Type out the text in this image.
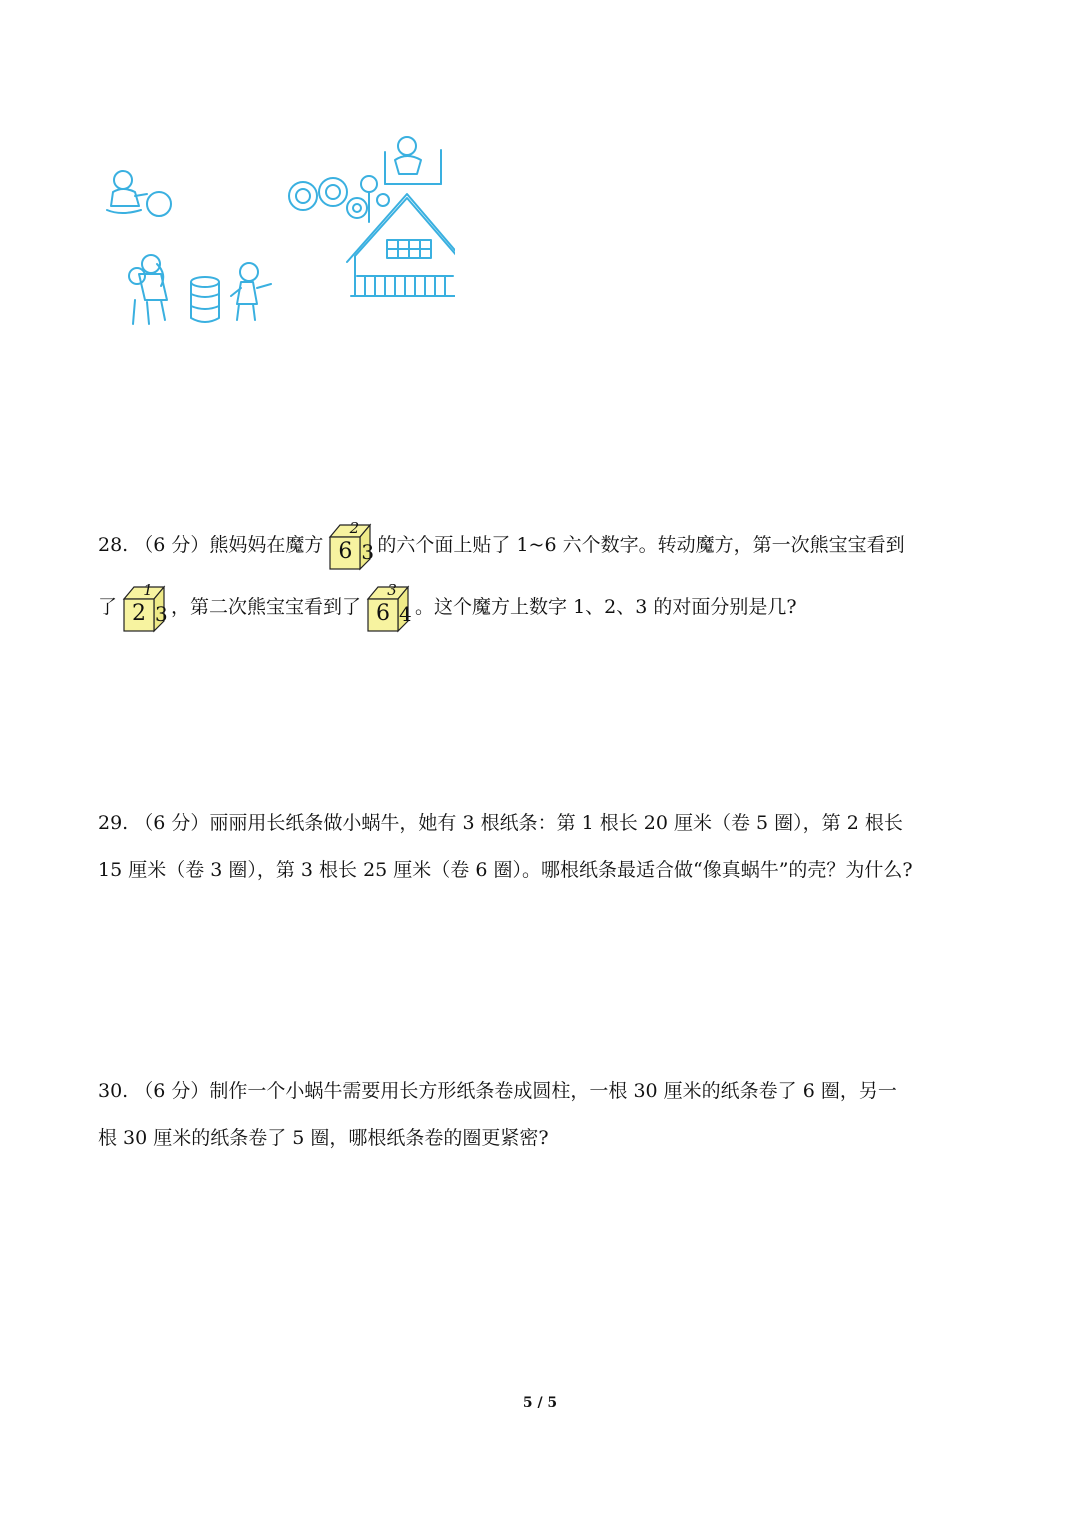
28. （6 分）熊妈妈在魔方
2
6 3 的六个面上贴了 1~6 六个数字。转动魔方，第一次熊宝宝看到
了
1
2 3 ，第二次熊宝宝看到了
3
6 4 。这个魔方上数字 1、2、3 的对面分别是几?
29. （6 分）丽丽用长纸条做小蜗牛，她有 3 根纸条：第 1 根长 20 厘米（卷 5 圈），第 2 根长
15 厘米（卷 3 圈），第 3 根长 25 厘米（卷 6 圈）。哪根纸条最适合做“像真蜗牛”的壳？为什么?
30. （6 分）制作一个小蜗牛需要用长方形纸条卷成圆柱，一根 30 厘米的纸条卷了 6 圈，另一
根 30 厘米的纸条卷了 5 圈，哪根纸条卷的圈更紧密?
5 / 5
